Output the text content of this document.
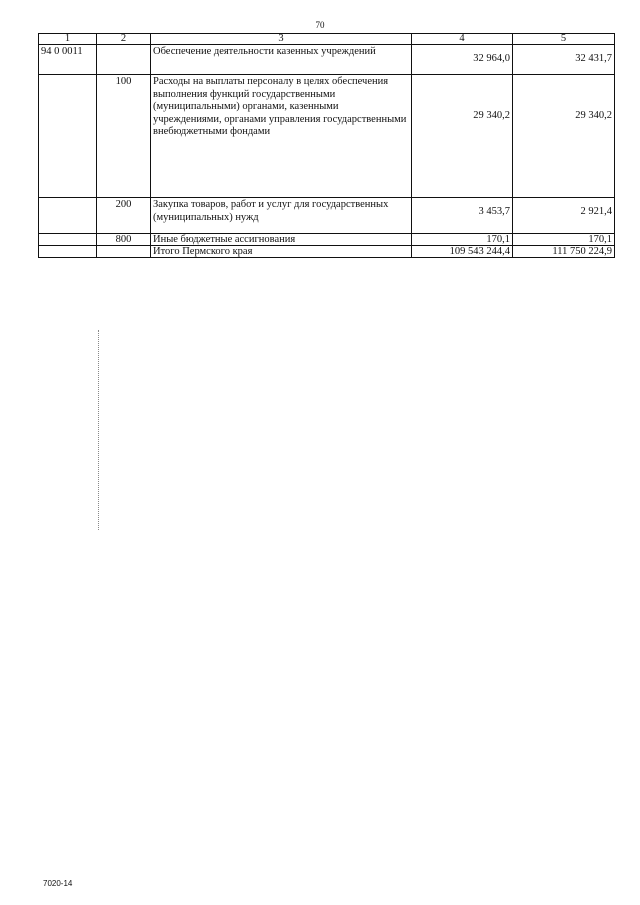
70
1	2	3	4	5
94 0 0011		Обеспечение деятельности казенных учреждений	32 964,0	32 431,7
	100	Расходы на выплаты персоналу в целях обеспечения выполнения функций государственными (муниципальными) органами, казенными учреждениями, органами управления государственными внебюджетными фондами	29 340,2	29 340,2
	200	Закупка товаров, работ и услуг для государственных (муниципальных) нужд	3 453,7	2 921,4
	800	Иные бюджетные ассигнования	170,1	170,1
		Итого Пермского края	109 543 244,4	111 750 224,9
7020-14
